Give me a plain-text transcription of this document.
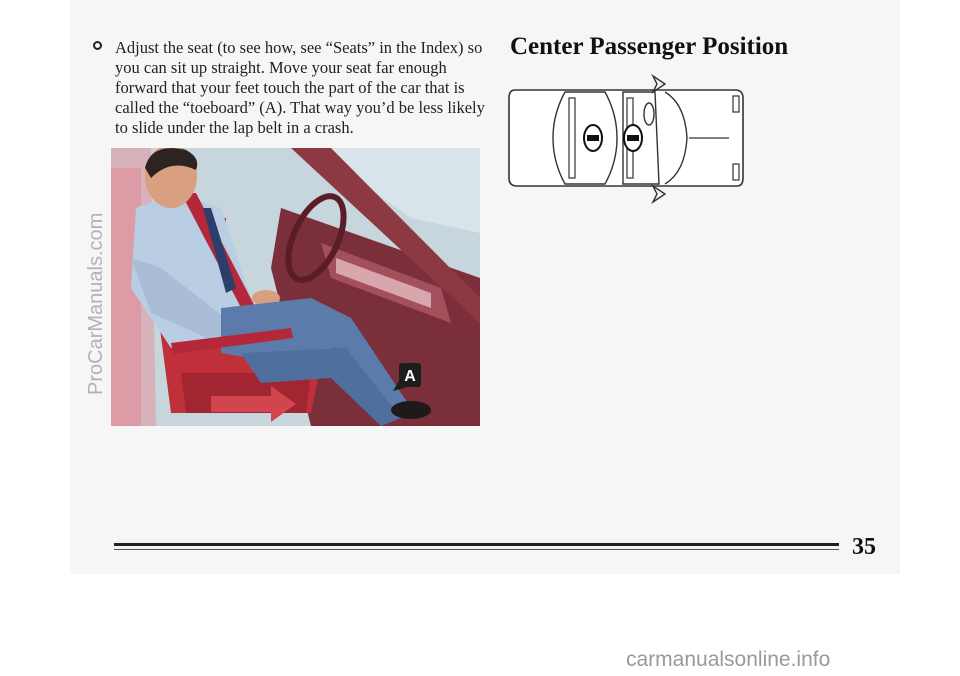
Adjust the seat (to see how, see “Seats” in the Index) so you can sit up straight. Move your seat far enough forward that your feet touch the part of the car that is called the “toeboard” (A). That way you’d be less likely to slide under the lap belt in a crash.
A
Center Passenger Position
35
ProCarManuals.com
carmanualsonline.info
